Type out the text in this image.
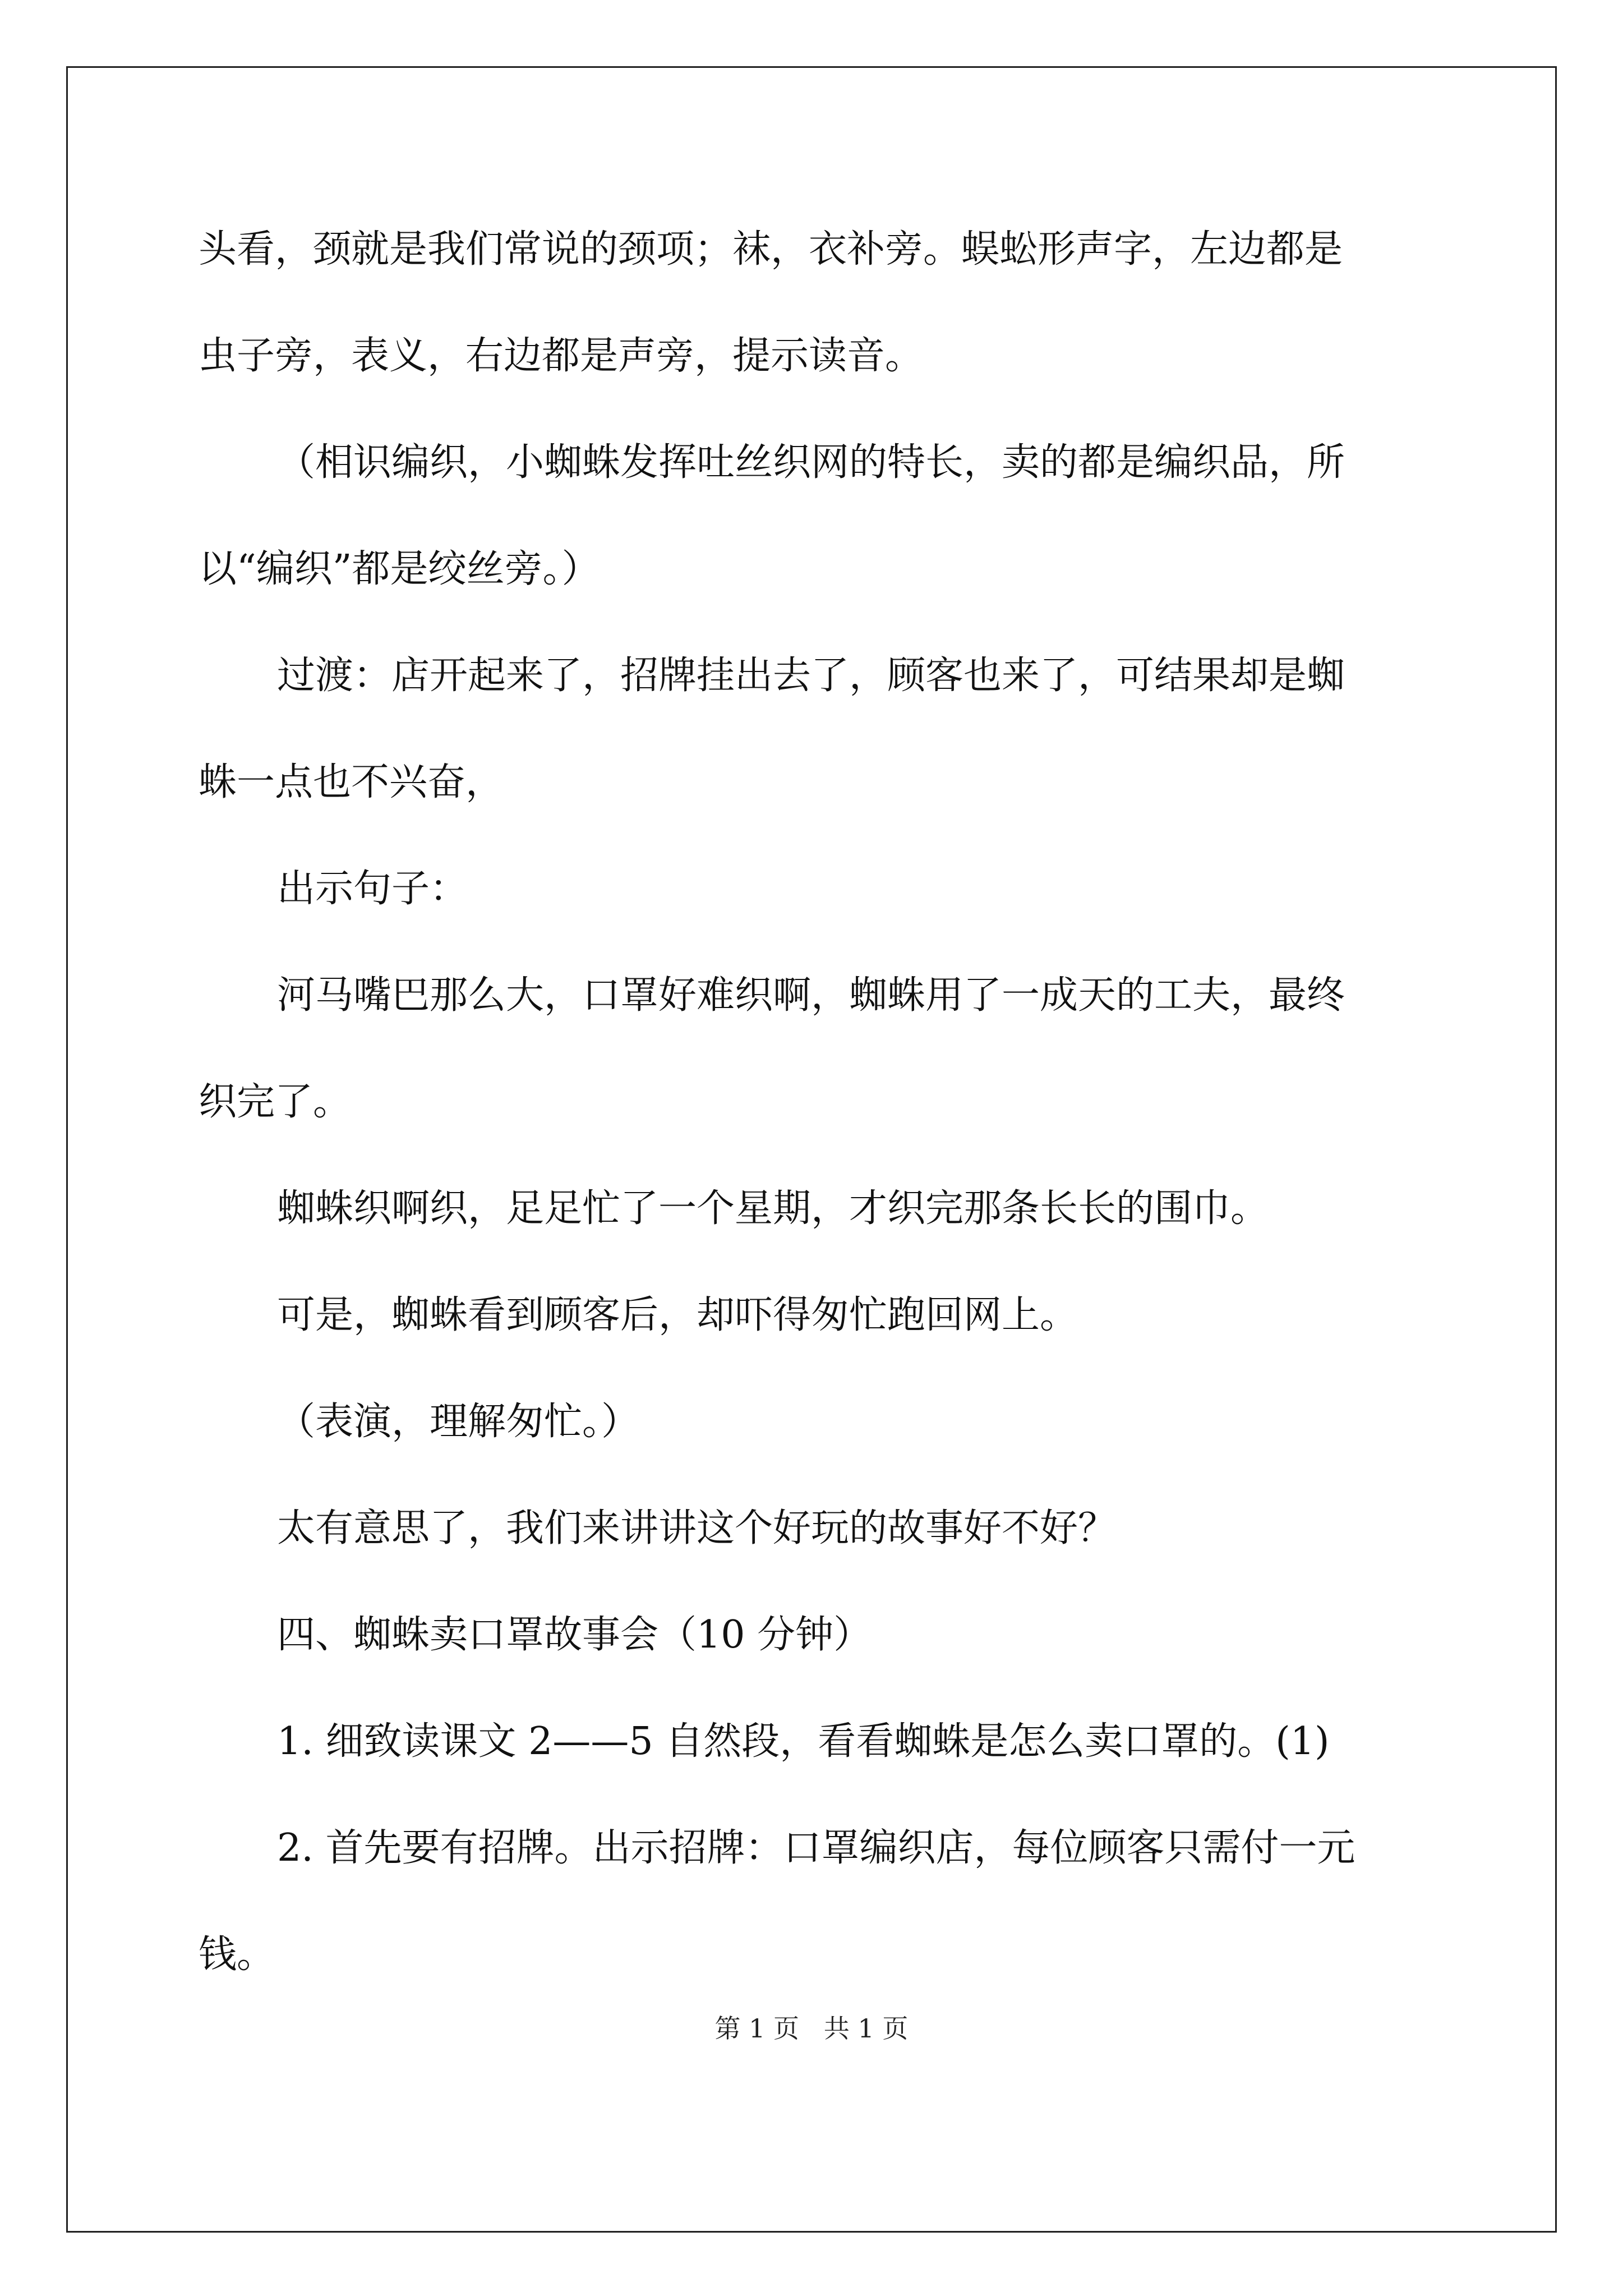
头看，颈就是我们常说的颈项；袜，衣补旁。蜈蚣形声字，左边都是
虫子旁，表义，右边都是声旁，提示读音。
（相识编织，小蜘蛛发挥吐丝织网的特长，卖的都是编织品，所
以“编织”都是绞丝旁。）
过渡：店开起来了，招牌挂出去了，顾客也来了，可结果却是蜘
蛛一点也不兴奋，
出示句子：
河马嘴巴那么大，口罩好难织啊，蜘蛛用了一成天的工夫，最终
织完了。
蜘蛛织啊织，足足忙了一个星期，才织完那条长长的围巾。
可是，蜘蛛看到顾客后，却吓得匆忙跑回网上。
（表演，理解匆忙。）
太有意思了，我们来讲讲这个好玩的故事好不好？
四、蜘蛛卖口罩故事会（10 分钟）
1. 细致读课文 2——5 自然段，看看蜘蛛是怎么卖口罩的。(1)
2. 首先要有招牌。出示招牌：口罩编织店，每位顾客只需付一元
钱。
第 1 页   共 1 页
